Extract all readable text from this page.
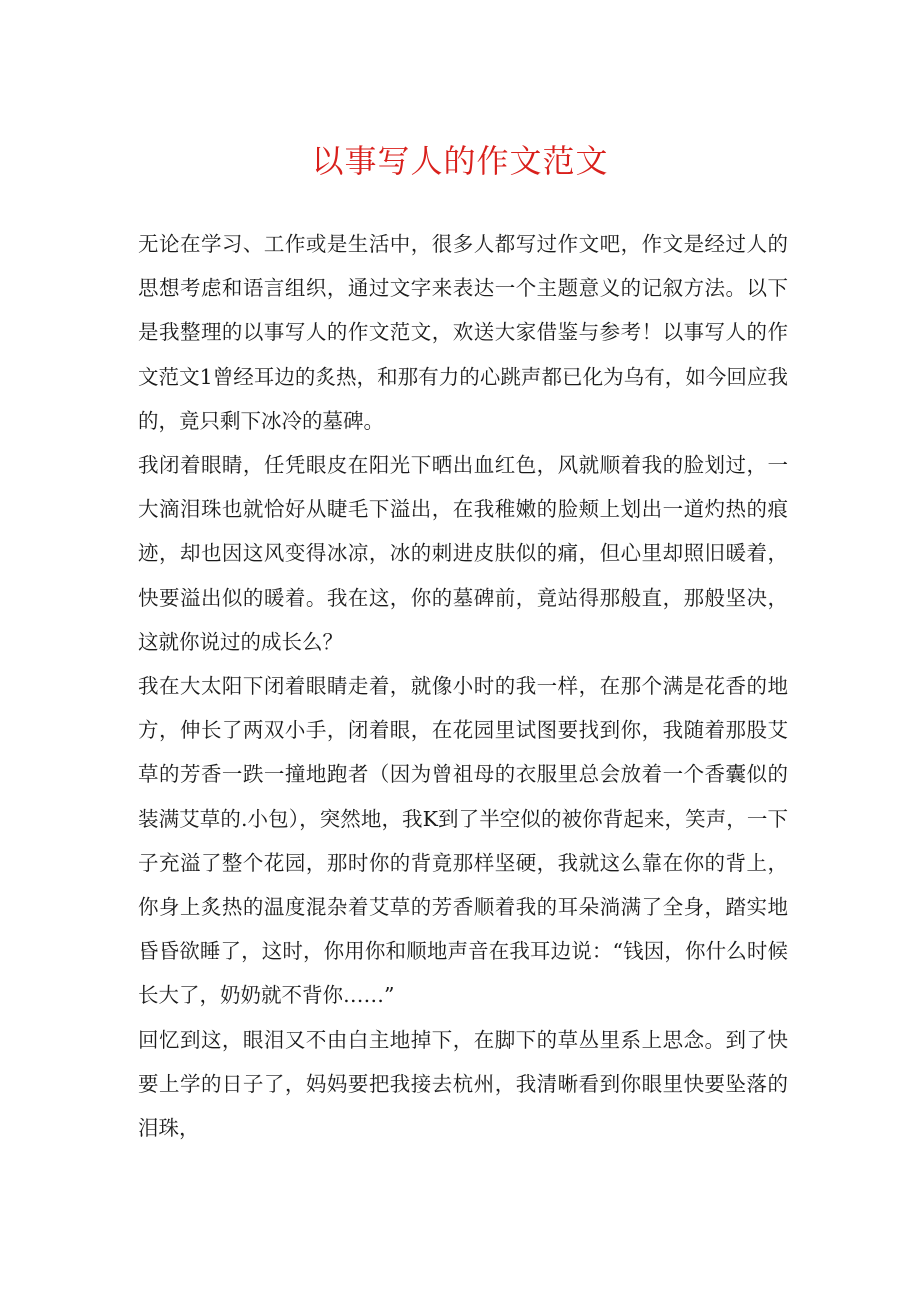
以事写人的作文范文

无论在学习、工作或是生活中，很多人都写过作文吧，作文是经过人的思想考虑和语言组织，通过文字来表达一个主题意义的记叙方法。以下是我整理的以事写人的作文范文，欢送大家借鉴与参考！以事写人的作文范文1曾经耳边的炙热，和那有力的心跳声都已化为乌有，如今回应我的，竟只剩下冰冷的墓碑。

我闭着眼睛，任凭眼皮在阳光下晒出血红色，风就顺着我的脸划过，一大滴泪珠也就恰好从睫毛下溢出，在我稚嫩的脸颊上划出一道灼热的痕迹，却也因这风变得冰凉，冰的刺进皮肤似的痛，但心里却照旧暖着，快要溢出似的暖着。我在这，你的墓碑前，竟站得那般直，那般坚决，这就你说过的成长么？

我在大太阳下闭着眼睛走着，就像小时的我一样，在那个满是花香的地方，伸长了两双小手，闭着眼，在花园里试图要找到你，我随着那股艾草的芳香一跌一撞地跑者（因为曾祖母的衣服里总会放着一个香囊似的装满艾草的.小包），突然地，我K到了半空似的被你背起来，笑声，一下子充溢了整个花园，那时你的背竟那样坚硬，我就这么靠在你的背上，你身上炙热的温度混杂着艾草的芳香顺着我的耳朵淌满了全身，踏实地昏昏欲睡了，这时，你用你和顺地声音在我耳边说：“钱因，你什么时候长大了，奶奶就不背你……”

回忆到这，眼泪又不由白主地掉下，在脚下的草丛里系上思念。到了快要上学的日子了，妈妈要把我接去杭州，我清晰看到你眼里快要坠落的泪珠，
